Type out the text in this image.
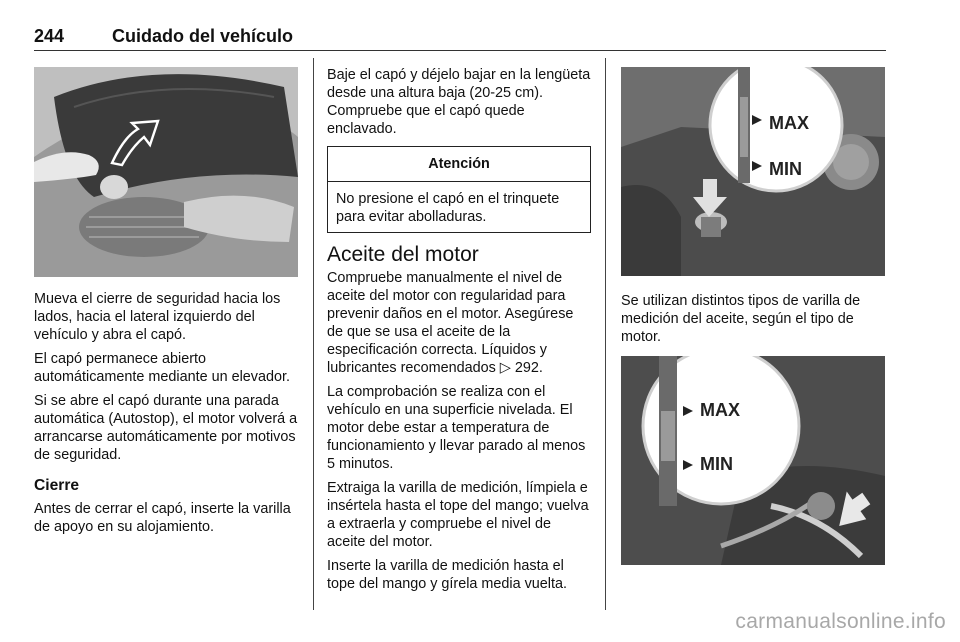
244	Cuidado del vehículo

Mueva el cierre de seguridad hacia los lados, hacia el lateral izquierdo del vehículo y abra el capó.

El capó permanece abierto automáticamente mediante un elevador.

Si se abre el capó durante una parada automática (Autostop), el motor volverá a arrancarse automáticamente por motivos de seguridad.

Cierre

Antes de cerrar el capó, inserte la varilla de apoyo en su alojamiento.

Baje el capó y déjelo bajar en la lengüeta desde una altura baja (20-25 cm). Compruebe que el capó quede enclavado.

Atención
No presione el capó en el trinquete para evitar abolladuras.
Aceite del motor

Compruebe manualmente el nivel de aceite del motor con regularidad para prevenir daños en el motor. Asegúrese de que se usa el aceite de la especificación correcta. Líquidos y lubricantes recomendados ▷ 292.

La comprobación se realiza con el vehículo en una superficie nivelada. El motor debe estar a temperatura de funcionamiento y llevar parado al menos 5 minutos.

Extraiga la varilla de medición, límpiela e insértela hasta el tope del mango; vuelva a extraerla y compruebe el nivel de aceite del motor.

Inserte la varilla de medición hasta el tope del mango y gírela media vuelta.

MAX
MIN

Se utilizan distintos tipos de varilla de medición del aceite, según el tipo de motor.

MAX
MIN
carmanualsonline.info
